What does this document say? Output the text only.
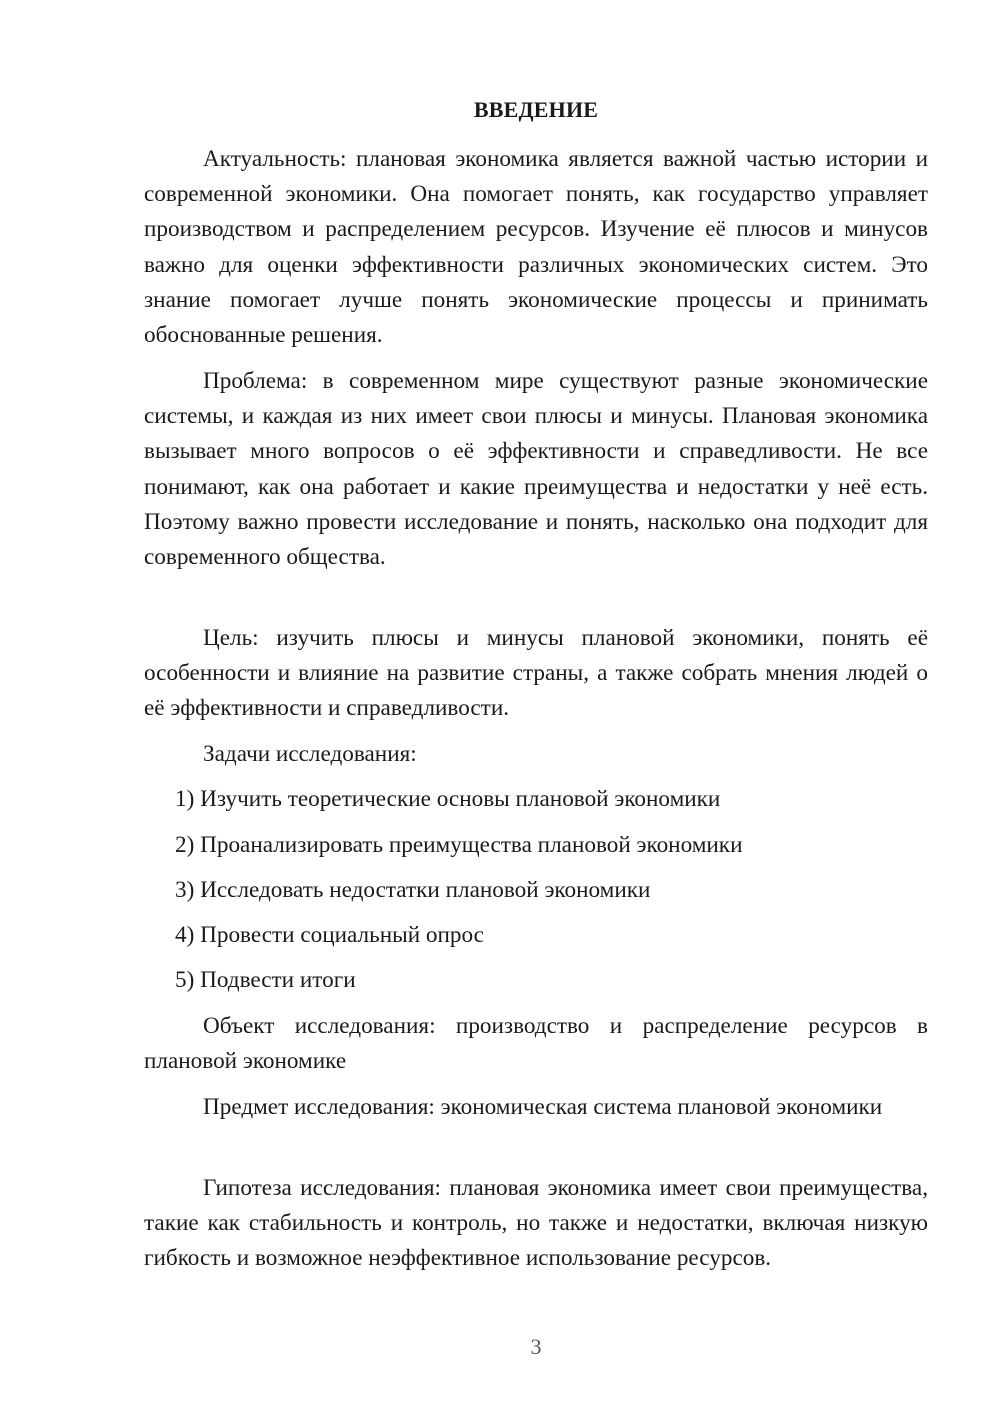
ВВЕДЕНИЕ

Актуальность: плановая экономика является важной частью истории и современной экономики. Она помогает понять, как государство управляет производством и распределением ресурсов. Изучение её плюсов и минусов важно для оценки эффективности различных экономических систем. Это знание помогает лучше понять экономические процессы и принимать обоснованные решения.

Проблема: в современном мире существуют разные экономические системы, и каждая из них имеет свои плюсы и минусы. Плановая экономика вызывает много вопросов о её эффективности и справедливости. Не все понимают, как она работает и какие преимущества и недостатки у неё есть. Поэтому важно провести исследование и понять, насколько она подходит для современного общества.

Цель: изучить плюсы и минусы плановой экономики, понять её особенности и влияние на развитие страны, а также собрать мнения людей о её эффективности и справедливости.

Задачи исследования:

1) Изучить теоретические основы плановой экономики

2) Проанализировать преимущества плановой экономики

3) Исследовать недостатки плановой экономики

4) Провести социальный опрос

5) Подвести итоги

Объект исследования: производство и распределение ресурсов в плановой экономике

Предмет исследования: экономическая система плановой экономики

Гипотеза исследования: плановая экономика имеет свои преимущества, такие как стабильность и контроль, но также и недостатки, включая низкую гибкость и возможное неэффективное использование ресурсов.

3
